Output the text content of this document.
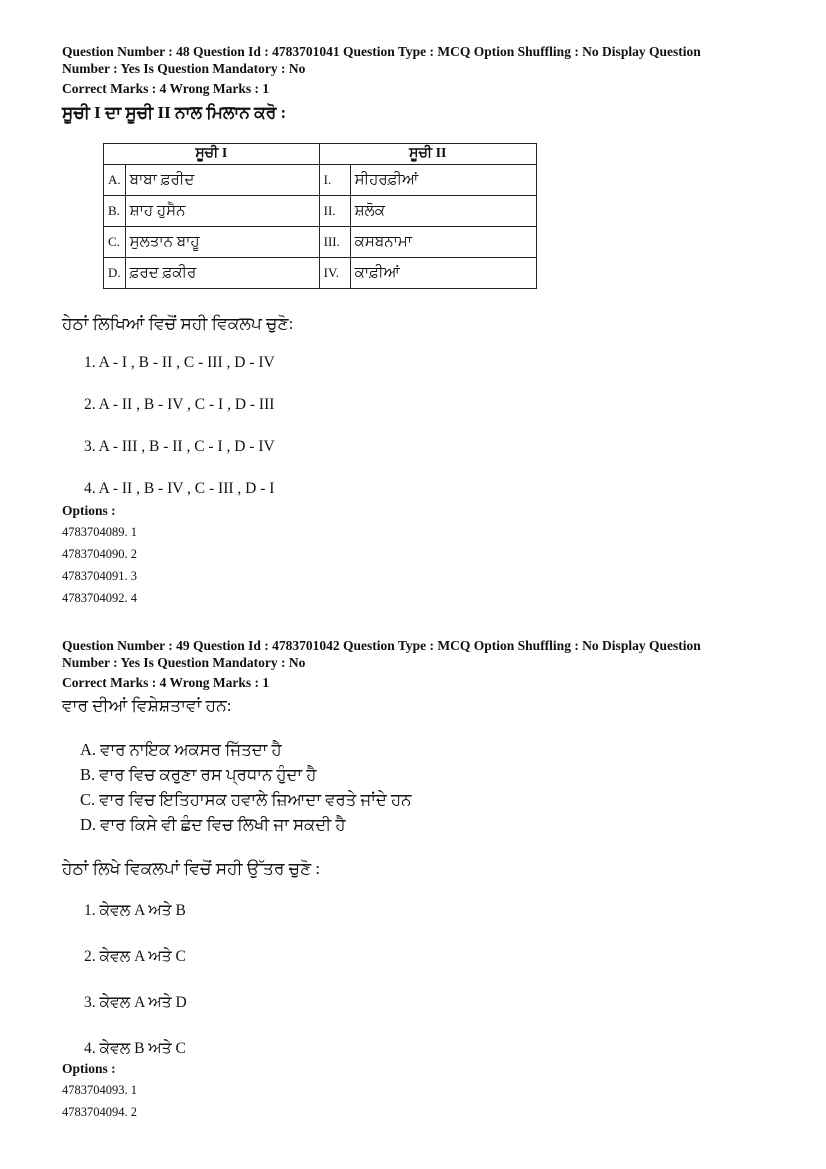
Question Number : 48 Question Id : 4783701041 Question Type : MCQ Option Shuffling : No Display Question
Number : Yes Is Question Mandatory : No
Correct Marks : 4 Wrong Marks : 1
ਸੂਚੀ I ਦਾ ਸੂਚੀ II ਨਾਲ ਮਿਲਾਨ ਕਰੋ :
ਸੂਚੀ I		ਸੂਚੀ II	
A.	ਬਾਬਾ ਫ਼ਰੀਦ	I.	ਸੀਹਰਫ਼ੀਆਂ
B.	ਸ਼ਾਹ ਹੁਸੈਨ	II.	ਸ਼ਲੋਕ
C.	ਸੁਲਤਾਨ ਬਾਹੂ	III.	ਕਸਬਨਾਮਾ
D.	ਫ਼ਰਦ ਫ਼ਕੀਰ	IV.	ਕਾਫ਼ੀਆਂ
ਹੇਠਾਂ ਲਿਖਿਆਂ ਵਿਚੋਂ ਸਹੀ ਵਿਕਲਪ ਚੁਣੋ:
1. A - I , B - II , C - III , D - IV
2. A - II , B - IV , C - I , D - III
3. A - III , B - II , C - I , D - IV
4. A - II , B - IV , C - III , D - I
Options :
4783704089. 1
4783704090. 2
4783704091. 3
4783704092. 4
Question Number : 49 Question Id : 4783701042 Question Type : MCQ Option Shuffling : No Display Question
Number : Yes Is Question Mandatory : No
Correct Marks : 4 Wrong Marks : 1
ਵਾਰ ਦੀਆਂ ਵਿਸ਼ੇਸ਼ਤਾਵਾਂ ਹਨ:
A. ਵਾਰ ਨਾਇਕ ਅਕਸਰ ਜਿੱਤਦਾ ਹੈ
B. ਵਾਰ ਵਿਚ ਕਰੁਣਾ ਰਸ ਪ੍ਰਧਾਨ ਹੁੰਦਾ ਹੈ
C. ਵਾਰ ਵਿਚ ਇਤਿਹਾਸਕ ਹਵਾਲੇ ਜ਼ਿਆਦਾ ਵਰਤੇ ਜਾਂਦੇ ਹਨ
D. ਵਾਰ ਕਿਸੇ ਵੀ ਛੰਦ ਵਿਚ ਲਿਖੀ ਜਾ ਸਕਦੀ ਹੈ
ਹੇਠਾਂ ਲਿਖੇ ਵਿਕਲਪਾਂ ਵਿਚੋਂ ਸਹੀ ਉੱਤਰ ਚੁਣੋ :
1. ਕੇਵਲ A ਅਤੇ B
2. ਕੇਵਲ A ਅਤੇ C
3. ਕੇਵਲ A ਅਤੇ D
4. ਕੇਵਲ B ਅਤੇ C
Options :
4783704093. 1
4783704094. 2
